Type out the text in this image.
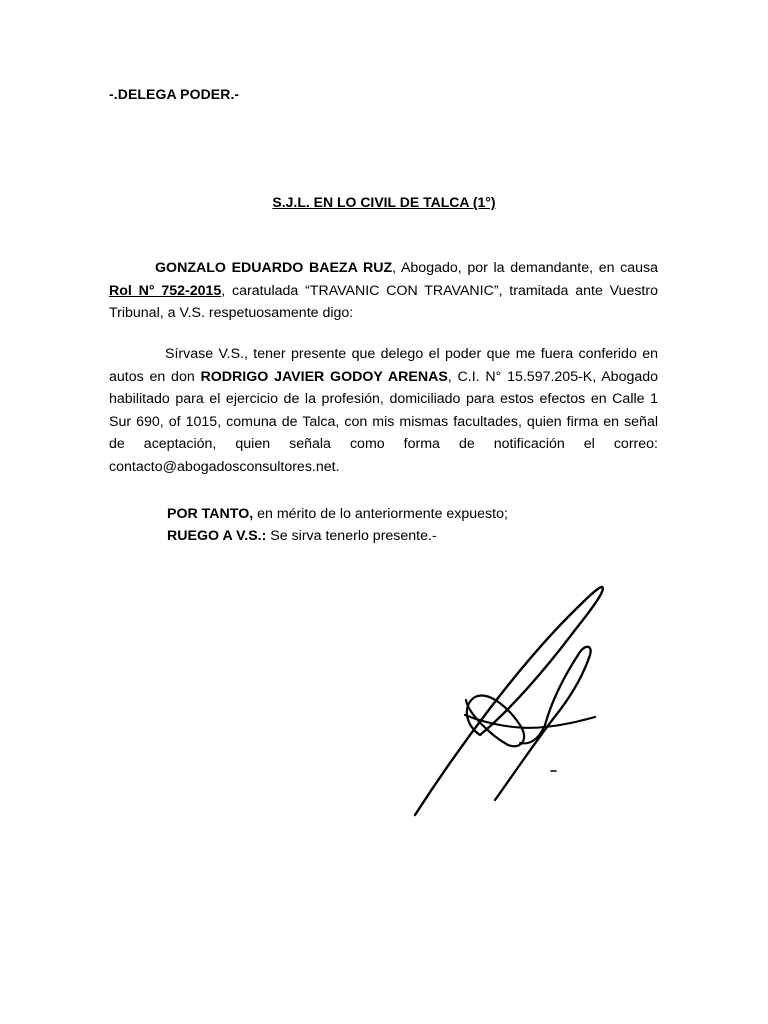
-.DELEGA PODER.-
S.J.L. EN LO CIVIL DE TALCA (1°)
GONZALO EDUARDO BAEZA RUZ, Abogado, por la demandante, en causa Rol N° 752-2015, caratulada “TRAVANIC CON TRAVANIC”, tramitada ante Vuestro Tribunal, a V.S. respetuosamente digo:
Sírvase V.S., tener presente que delego el poder que me fuera conferido en autos en don RODRIGO JAVIER GODOY ARENAS, C.I. N° 15.597.205-K, Abogado habilitado para el ejercicio de la profesión, domiciliado para estos efectos en Calle 1 Sur 690, of 1015, comuna de Talca, con mis mismas facultades, quien firma en señal de aceptación, quien señala como forma de notificación el correo: contacto@abogadosconsultores.net.
POR TANTO, en mérito de lo anteriormente expuesto;
RUEGO A V.S.: Se sirva tenerlo presente.-
